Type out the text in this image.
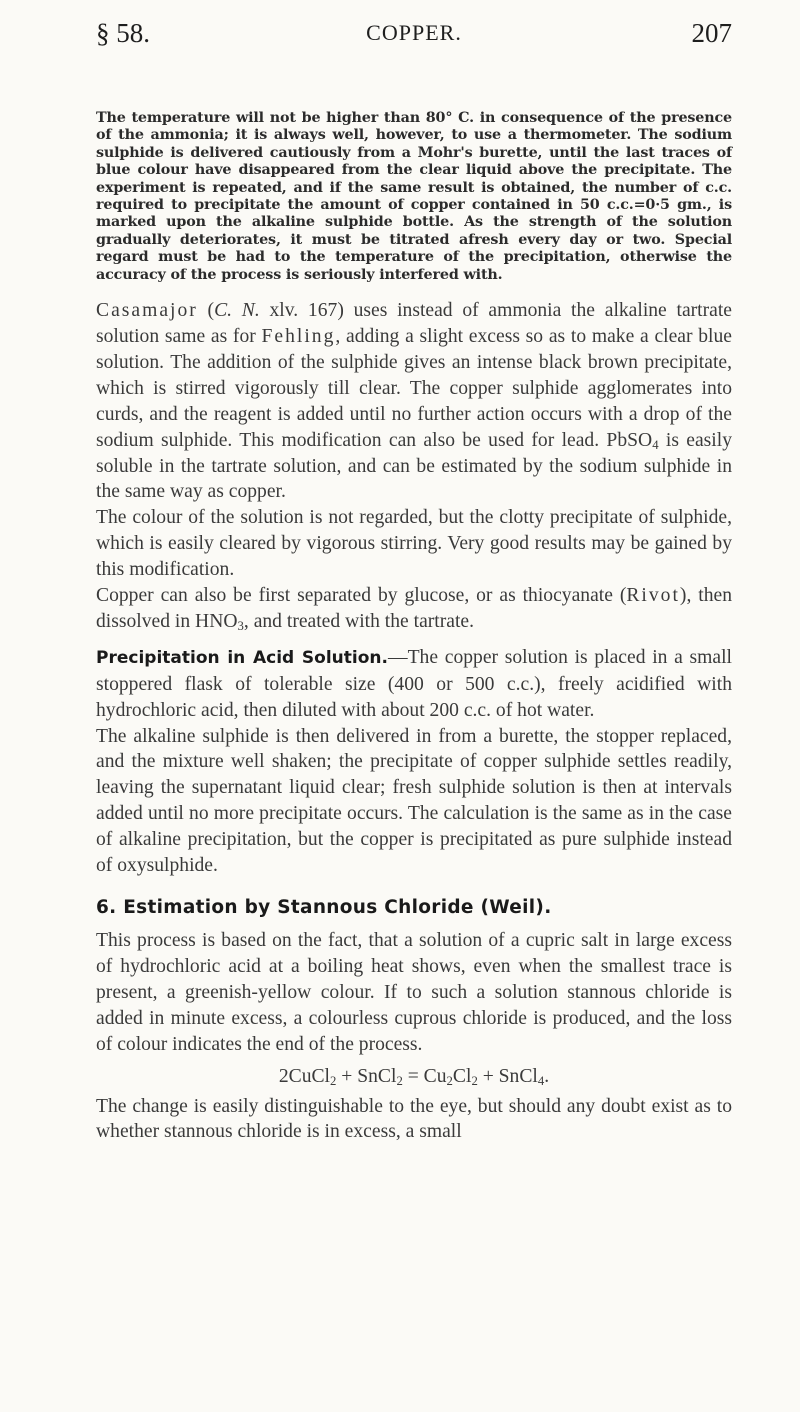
§ 58.	COPPER.	207

The temperature will not be higher than 80° C. in consequence of the presence of the ammonia; it is always well, however, to use a thermometer. The sodium sulphide is delivered cautiously from a Mohr's burette, until the last traces of blue colour have disappeared from the clear liquid above the precipitate. The experiment is repeated, and if the same result is obtained, the number of c.c. required to precipitate the amount of copper contained in 50 c.c.=0·5 gm., is marked upon the alkaline sulphide bottle. As the strength of the solution gradually deteriorates, it must be titrated afresh every day or two. Special regard must be had to the temperature of the precipitation, otherwise the accuracy of the process is seriously interfered with.

Casamajor (C. N. xlv. 167) uses instead of ammonia the alkaline tartrate solution same as for Fehling, adding a slight excess so as to make a clear blue solution. The addition of the sulphide gives an intense black brown precipitate, which is stirred vigorously till clear. The copper sulphide agglomerates into curds, and the reagent is added until no further action occurs with a drop of the sodium sulphide. This modification can also be used for lead. PbSO$_4$ is easily soluble in the tartrate solution, and can be estimated by the sodium sulphide in the same way as copper.

The colour of the solution is not regarded, but the clotty precipitate of sulphide, which is easily cleared by vigorous stirring. Very good results may be gained by this modification.

Copper can also be first separated by glucose, or as thiocyanate (Rivot), then dissolved in $HNO_3$, and treated with the tartrate.

Precipitation in Acid Solution.—The copper solution is placed in a small stoppered flask of tolerable size (400 or 500 c.c.), freely acidified with hydrochloric acid, then diluted with about 200 c.c. of hot water.

The alkaline sulphide is then delivered in from a burette, the stopper replaced, and the mixture well shaken; the precipitate of copper sulphide settles readily, leaving the supernatant liquid clear; fresh sulphide solution is then at intervals added until no more precipitate occurs. The calculation is the same as in the case of alkaline precipitation, but the copper is precipitated as pure sulphide instead of oxysulphide.

6. Estimation by Stannous Chloride (Weil).

This process is based on the fact, that a solution of a cupric salt in large excess of hydrochloric acid at a boiling heat shows, even when the smallest trace is present, a greenish-yellow colour. If to such a solution stannous chloride is added in minute excess, a colourless cuprous chloride is produced, and the loss of colour indicates the end of the process.

2CuCl$_2$ + SnCl$_2$ = $Cu_2Cl_2$ + SnCl$_4$.

The change is easily distinguishable to the eye, but should any doubt exist as to whether stannous chloride is in excess, a small
